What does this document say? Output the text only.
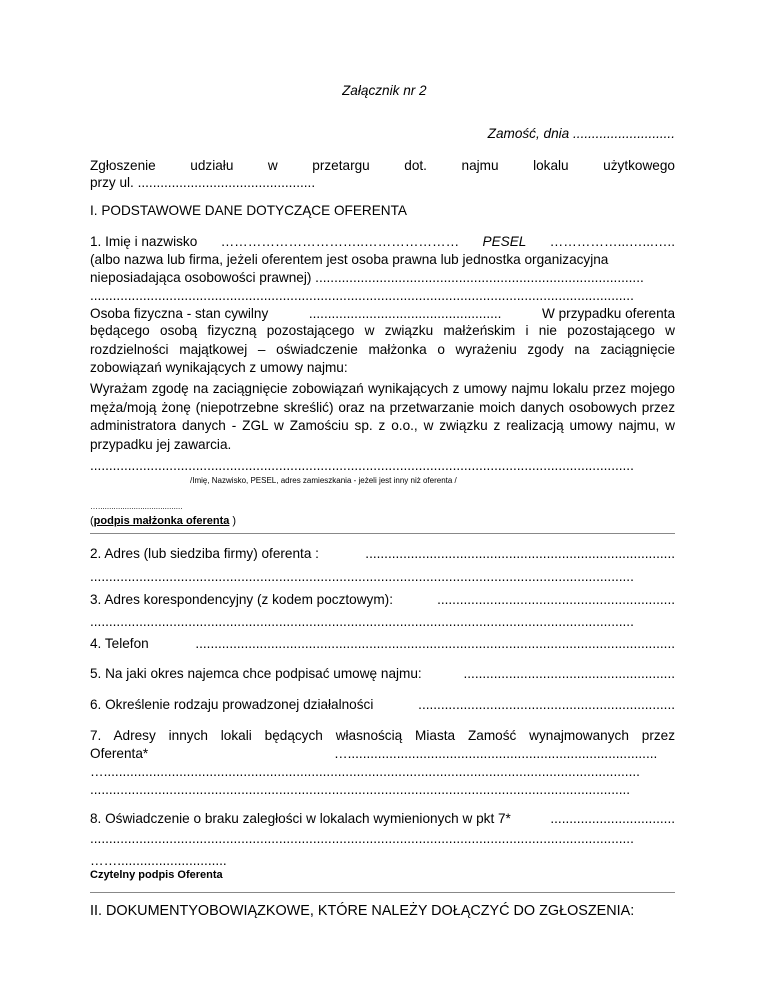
Załącznik nr 2
Zamość, dnia ...........................
Zgłoszenie	udziału	w	przetargu	dot.	najmu	lokalu	użytkowego
przy ul. ...............................................
I. PODSTAWOWE DANE DOTYCZĄCE OFERENTA
1. Imię i nazwisko …………………………..………………… PESEL ……………...…...…..
(albo nazwa lub firma, jeżeli oferentem jest osoba prawna lub jednostka organizacyjna
nieposiadająca osobowości prawnej) .......................................................................................
................................................................................................................................................
Osoba fizyczna - stan cywilny	...................................................	W przypadku oferenta
będącego osobą fizyczną pozostającego w związku małżeńskim i nie pozostającego w rozdzielności majątkowej – oświadczenie małżonka o wyrażeniu zgody na zaciągnięcie zobowiązań wynikających z umowy najmu:
Wyrażam zgodę na zaciągnięcie zobowiązań wynikających z umowy najmu lokalu przez mojego męża/moją żonę (niepotrzebne skreślić) oraz na przetwarzanie moich danych osobowych przez administratora danych - ZGL w Zamościu sp. z o.o., w związku z realizacją umowy najmu, w przypadku jej zawarcia.
................................................................................................................................................
/Imię, Nazwisko, PESEL, adres zamieszkania - jeżeli jest inny niż oferenta /
…......................................
(podpis małżonka oferenta )
2. Adres (lub siedziba firmy) oferenta :	..................................................................................
................................................................................................................................................
3. Adres korespondencyjny (z kodem pocztowym):	...............................................................
................................................................................................................................................
4. Telefon	...............................................................................................................................
5. Na jaki okres najemca chce podpisać umowę najmu:	........................................................
6. Określenie rodzaju prowadzonej działalności	....................................................................
7. Adresy innych lokali będących własnością Miasta Zamość wynajmowanych przez
Oferenta*	…..................................................................................
…..............................................................................................................................................
...............................................................................................................................................
8. Oświadczenie o braku zaległości w lokalach wymienionych w pkt 7*	.................................
................................................................................................................................................
…….............................
Czytelny podpis Oferenta
II. DOKUMENTYOBOWIĄZKOWE, KTÓRE NALEŻY DOŁĄCZYĆ DO ZGŁOSZENIA:
